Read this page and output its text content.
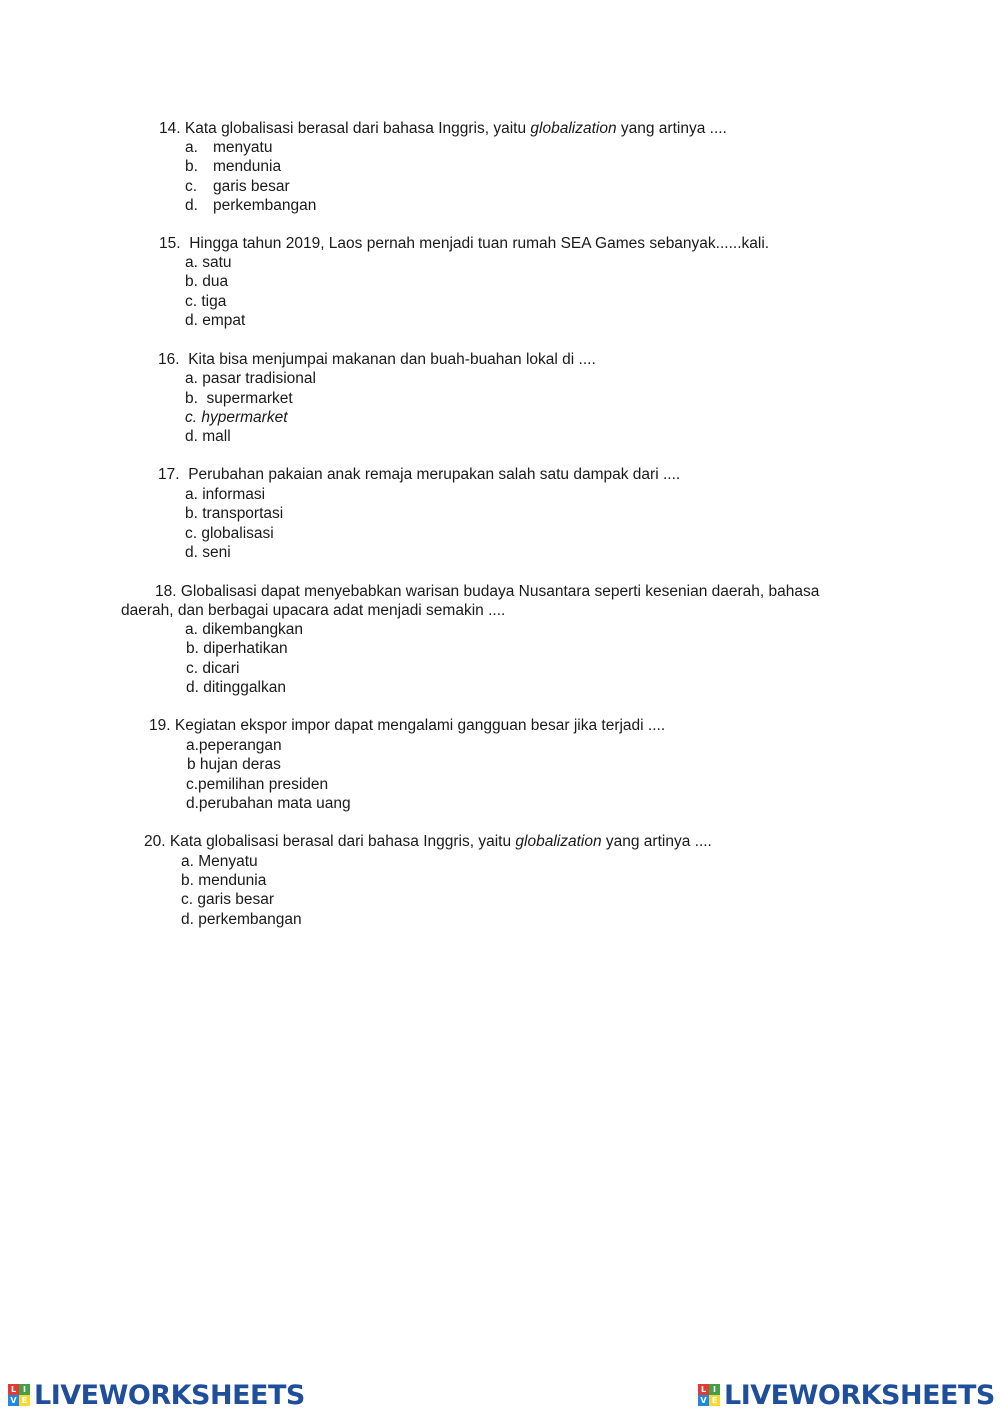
14. Kata globalisasi berasal dari bahasa Inggris, yaitu globalization yang artinya ....
a. menyatu
b. mendunia
c. garis besar
d. perkembangan
15. Hingga tahun 2019, Laos pernah menjadi tuan rumah SEA Games sebanyak......kali.
a. satu
b. dua
c. tiga
d. empat
16. Kita bisa menjumpai makanan dan buah-buahan lokal di ....
a. pasar tradisional
b.  supermarket
c. hypermarket
d. mall
17. Perubahan pakaian anak remaja merupakan salah satu dampak dari ....
a. informasi
b. transportasi
c. globalisasi
d. seni
18. Globalisasi dapat menyebabkan warisan budaya Nusantara seperti kesenian daerah, bahasa
daerah, dan berbagai upacara adat menjadi semakin ....
a. dikembangkan
b. diperhatikan
c. dicari
d. ditinggalkan
19. Kegiatan ekspor impor dapat mengalami gangguan besar jika terjadi ....
a.peperangan
b hujan deras
c.pemilihan presiden
d.perubahan mata uang
20. Kata globalisasi berasal dari bahasa Inggris, yaitu globalization yang artinya ....
a. Menyatu
b. mendunia
c. garis besar
d. perkembangan
L I
V E LIVEWORKSHEETS	L I
V E LIVEWORKSHEETS
